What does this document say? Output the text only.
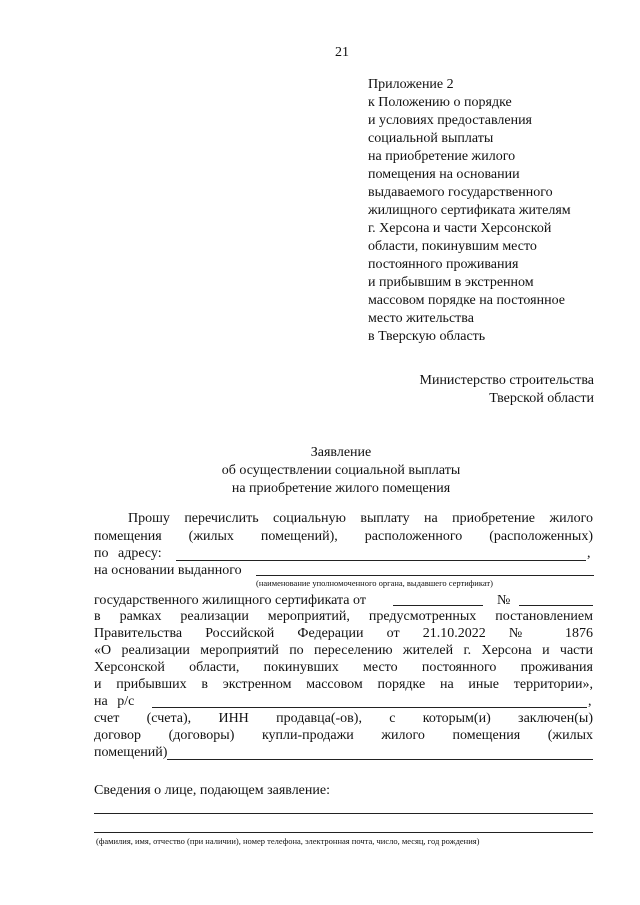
21
Приложение 2
к Положению о порядке
и условиях предоставления
социальной выплаты
на приобретение жилого
помещения на основании
выдаваемого государственного
жилищного сертификата жителям
г. Херсона и части Херсонской
области, покинувшим место
постоянного проживания
и прибывшим в экстренном
массовом порядке на постоянное
место жительства
в Тверскую область
Министерство строительства
Тверской области
Заявление
об осуществлении социальной выплаты
на приобретение жилого помещения
Прошу перечислить социальную выплату на приобретение жилого
помещения (жилых помещений), расположенного (расположенных)
по адресу:	,
на основании выданного
(наименование уполномоченного органа, выдавшего сертификат)
государственного жилищного сертификата от	№
в рамках реализации мероприятий, предусмотренных постановлением
Правительства Российской Федерации от 21.10.2022 № 1876
«О реализации мероприятий по переселению жителей г. Херсона и части
Херсонской области, покинувших место постоянного проживания
и прибывших в экстренном массовом порядке на иные территории»,
на р/с	,
счет (счета), ИНН продавца(-ов), с которым(и) заключен(ы)
договор (договоры) купли-продажи жилого помещения (жилых
помещений)
Сведения о лице, подающем заявление:
(фамилия, имя, отчество (при наличии), номер телефона, электронная почта, число, месяц, год рождения)
